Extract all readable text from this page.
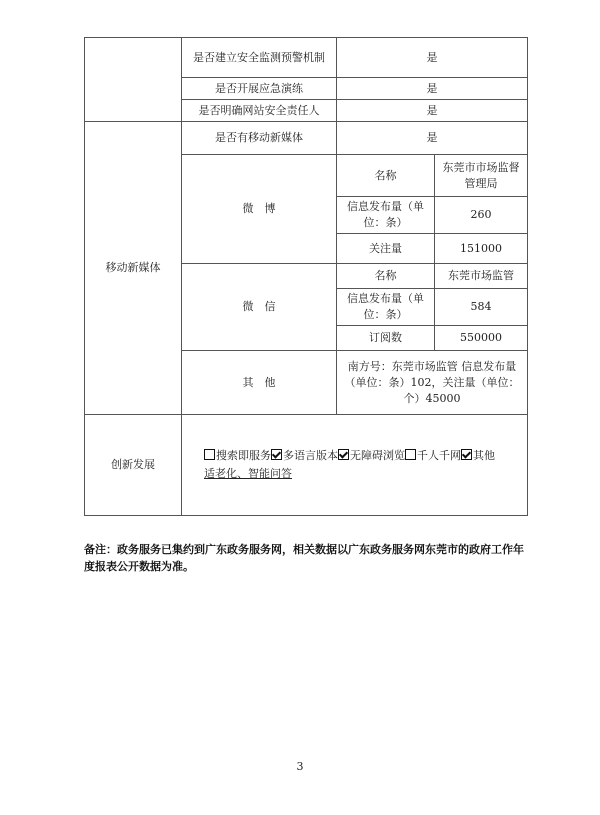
	是否建立安全监测预警机制	是	
	是否开展应急演练	是	
	是否明确网站安全责任人	是	
移动新媒体	是否有移动新媒体	是	
	微　博	名称	东莞市市场监督管理局
		信息发布量（单位：条）	260
		关注量	151000
	微　信	名称	东莞市场监管
		信息发布量（单位：条）	584
		订阅数	550000
	其　他	南方号：东莞市场监管 信息发布量（单位：条）102，关注量（单位：个）45000	
创新发展	搜索即服务 多语言版本 无障碍浏览 千人千网 其他
适老化、智能问答		
备注：政务服务已集约到广东政务服务网，相关数据以广东政务服务网东莞市的政府工作年度报表公开数据为准。
3
